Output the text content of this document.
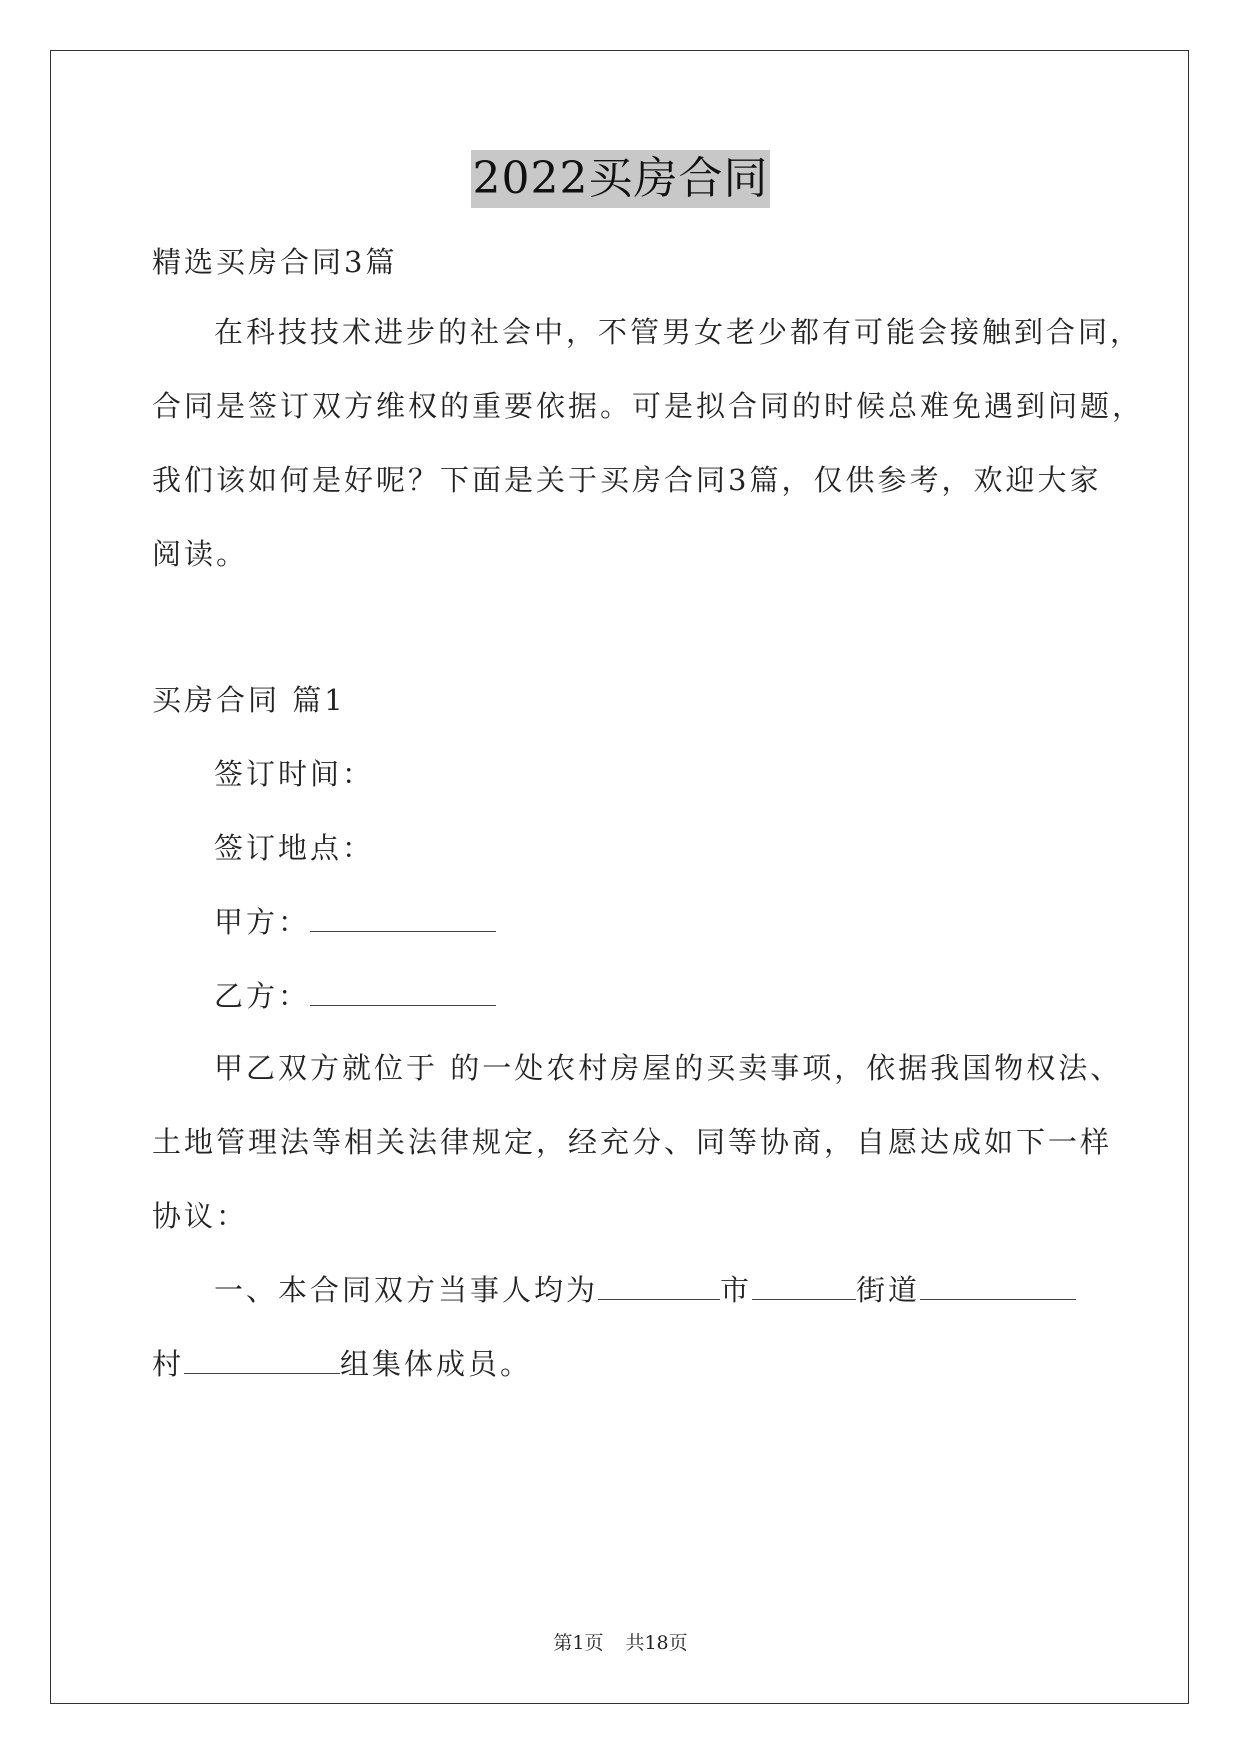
2022买房合同
精选买房合同3篇
在科技技术进步的社会中，不管男女老少都有可能会接触到合同，
合同是签订双方维权的重要依据。可是拟合同的时候总难免遇到问题，
我们该如何是好呢？下面是关于买房合同3篇，仅供参考，欢迎大家
阅读。
买房合同 篇1
签订时间：
签订地点：
甲方：
乙方：
甲乙双方就位于 的一处农村房屋的买卖事项，依据我国物权法、
土地管理法等相关法律规定，经充分、同等协商，自愿达成如下一样
协议：
一、本合同双方当事人均为	市	街道
村	组集体成员。
第1页 共18页
